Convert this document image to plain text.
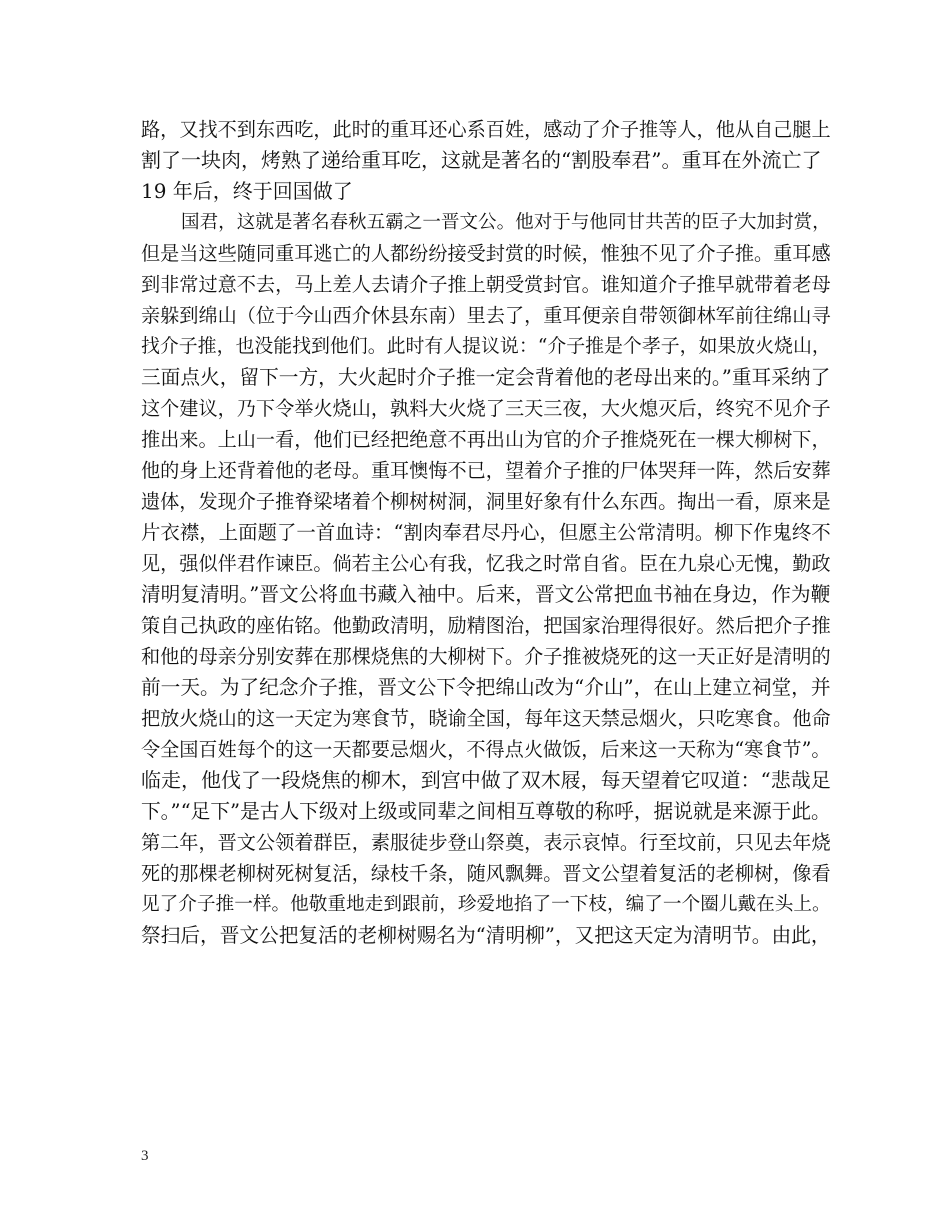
路，又找不到东西吃，此时的重耳还心系百姓，感动了介子推等人，他从自己腿上
割了一块肉，烤熟了递给重耳吃，这就是著名的“割股奉君”。重耳在外流亡了
19 年后，终于回国做了
国君，这就是著名春秋五霸之一晋文公。他对于与他同甘共苦的臣子大加封赏，
但是当这些随同重耳逃亡的人都纷纷接受封赏的时候，惟独不见了介子推。重耳感
到非常过意不去，马上差人去请介子推上朝受赏封官。谁知道介子推早就带着老母
亲躲到绵山（位于今山西介休县东南）里去了，重耳便亲自带领御林军前往绵山寻
找介子推，也没能找到他们。此时有人提议说：“介子推是个孝子，如果放火烧山，
三面点火，留下一方，大火起时介子推一定会背着他的老母出来的。”重耳采纳了
这个建议，乃下令举火烧山，孰料大火烧了三天三夜，大火熄灭后，终究不见介子
推出来。上山一看，他们已经把绝意不再出山为官的介子推烧死在一棵大柳树下，
他的身上还背着他的老母。重耳懊悔不已，望着介子推的尸体哭拜一阵，然后安葬
遗体，发现介子推脊梁堵着个柳树树洞，洞里好象有什么东西。掏出一看，原来是
片衣襟，上面题了一首血诗：“割肉奉君尽丹心，但愿主公常清明。柳下作鬼终不
见，强似伴君作谏臣。倘若主公心有我，忆我之时常自省。臣在九泉心无愧，勤政
清明复清明。”晋文公将血书藏入袖中。后来，晋文公常把血书袖在身边，作为鞭
策自己执政的座佑铭。他勤政清明，励精图治，把国家治理得很好。然后把介子推
和他的母亲分别安葬在那棵烧焦的大柳树下。介子推被烧死的这一天正好是清明的
前一天。为了纪念介子推，晋文公下令把绵山改为“介山”，在山上建立祠堂，并
把放火烧山的这一天定为寒食节，晓谕全国，每年这天禁忌烟火，只吃寒食。他命
令全国百姓每个的这一天都要忌烟火，不得点火做饭，后来这一天称为“寒食节”。
临走，他伐了一段烧焦的柳木，到宫中做了双木屐，每天望着它叹道：“悲哉足
下。”“足下”是古人下级对上级或同辈之间相互尊敬的称呼，据说就是来源于此。
第二年，晋文公领着群臣，素服徒步登山祭奠，表示哀悼。行至坟前，只见去年烧
死的那棵老柳树死树复活，绿枝千条，随风飘舞。晋文公望着复活的老柳树，像看
见了介子推一样。他敬重地走到跟前，珍爱地掐了一下枝，编了一个圈儿戴在头上。
祭扫后，晋文公把复活的老柳树赐名为“清明柳”，又把这天定为清明节。由此，
3
